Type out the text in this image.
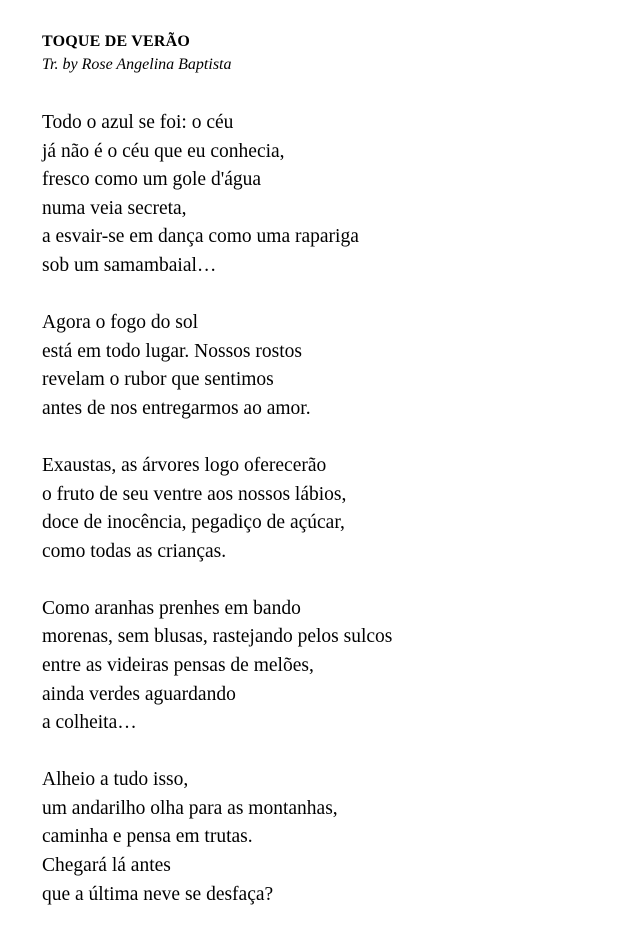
TOQUE DE VERÃO
Tr. by Rose Angelina Baptista
Todo o azul se foi: o céu
já não é o céu que eu conhecia,
fresco como um gole d'água
numa veia secreta,
a esvair-se em dança como uma rapariga
sob um samambaial…
Agora o fogo do sol
está em todo lugar. Nossos rostos
revelam o rubor que sentimos
antes de nos entregarmos ao amor.
Exaustas, as árvores logo oferecerão
o fruto de seu ventre aos nossos lábios,
doce de inocência, pegadiço de açúcar,
como todas as crianças.
Como aranhas prenhes em bando
morenas, sem blusas, rastejando pelos sulcos
entre as videiras pensas de melões,
ainda verdes aguardando
a colheita…
Alheio a tudo isso,
um andarilho olha para as montanhas,
caminha e pensa em trutas.
Chegará lá antes
que a última neve se desfaça?
